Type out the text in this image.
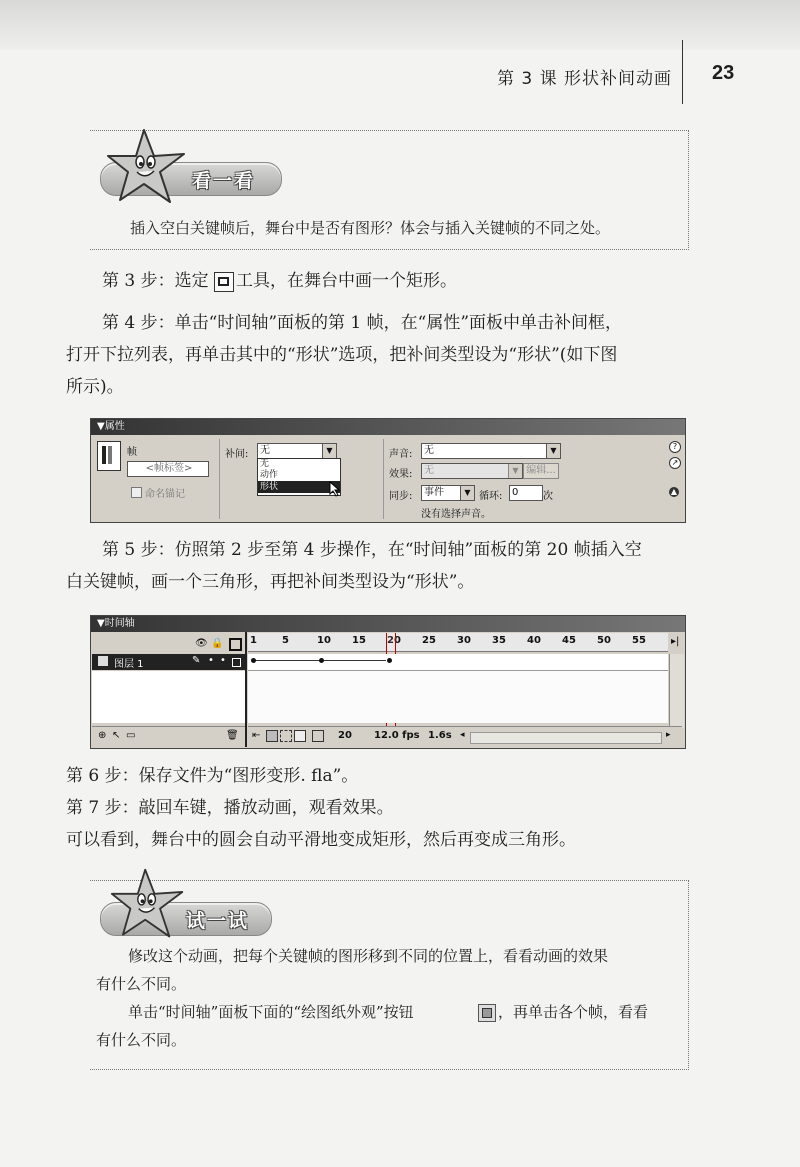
第 3 课 形状补间动画 23
看一看
插入空白关键帧后，舞台中是否有图形？体会与插入关键帧的不同之处。
第 3 步：选定 工具，在舞台中画一个矩形。
第 4 步：单击“时间轴”面板的第 1 帧，在“属性”面板中单击补间框，
打开下拉列表，再单击其中的“形状”选项，把补间类型设为“形状”(如下图
所示)。
▼属性
帧
<帧标签>
命名锚记
补间:	无	▼
无
动作
形状
声音:	无	▼
效果:	无	▼ 编辑...
同步:	事件	▼ 循环: 0	次
没有选择声音。
?
↗
▲
第 5 步：仿照第 2 步至第 4 步操作，在“时间轴”面板的第 20 帧插入空
白关键帧，画一个三角形，再把补间类型设为“形状”。
▼时间轴
👁 🔒	1	5	10 15 20 25 30 35 40 45 50 55	▸|
图层 1	✎ • •
⊕ ↖ ▭	🗑 ⇤	20 12.0 fps 1.6s ◂	▸
第 6 步：保存文件为“图形变形. fla”。
第 7 步：敲回车键，播放动画，观看效果。
可以看到，舞台中的圆会自动平滑地变成矩形，然后再变成三角形。
试一试
修改这个动画，把每个关键帧的图形移到不同的位置上，看看动画的效果
有什么不同。
单击“时间轴”面板下面的“绘图纸外观”按钮	，再单击各个帧，看看
有什么不同。
